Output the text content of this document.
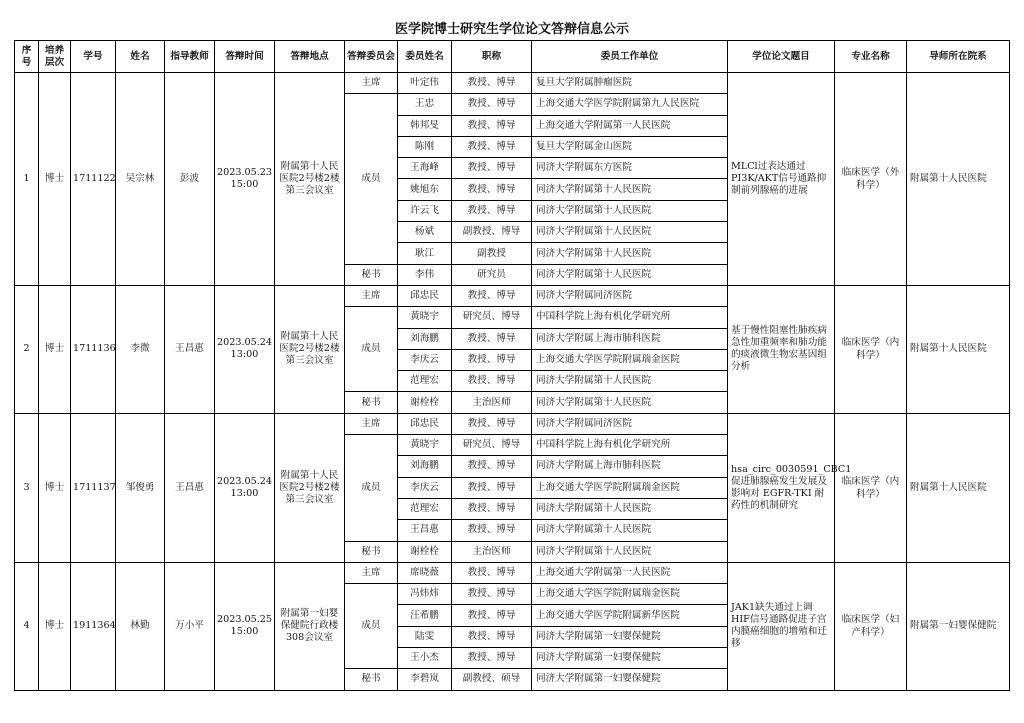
医学院博士研究生学位论文答辩信息公示
序号	培养层次	学号	姓名	指导教师	答辩时间	答辩地点	答辩委员会	委员姓名	职称	委员工作单位	学位论文题目	专业名称	导师所在院系
1	博士	1711122	吴宗林	彭波	2023.05.23 15:00	附属第十人民医院2号楼2楼第三会议室	主席	叶定伟	教授、博导	复旦大学附属肿瘤医院	MLCl过表达通过PI3K/AKT信号通路抑制前列腺癌的进展	临床医学（外科学）	附属第十人民医院
							成员	王忠	教授、博导	上海交通大学医学院附属第九人民医院			
								韩邦旻	教授、博导	上海交通大学附属第一人民医院			
								陈刚	教授、博导	复旦大学附属金山医院			
								王海峰	教授、博导	同济大学附属东方医院			
								姚旭东	教授、博导	同济大学附属第十人民医院			
								许云飞	教授、博导	同济大学附属第十人民医院			
								杨斌	副教授、博导	同济大学附属第十人民医院			
								耿江	副教授	同济大学附属第十人民医院			
							秘书	李伟	研究员	同济大学附属第十人民医院			
2	博士	1711136	李微	王昌惠	2023.05.24 13:00	附属第十人民医院2号楼2楼第三会议室	主席	邱忠民	教授、博导	同济大学附属同济医院	基于慢性阻塞性肺疾病急性加重频率和肺功能的痰液微生物宏基因组分析	临床医学（内科学）	附属第十人民医院
							成员	黄晓宇	研究员、博导	中国科学院上海有机化学研究所			
								刘海鹏	教授、博导	同济大学附属上海市肺科医院			
								李庆云	教授、博导	上海交通大学医学院附属瑞金医院			
								范理宏	教授、博导	同济大学附属第十人民医院			
							秘书	谢栓栓	主治医师	同济大学附属第十人民医院			
3	博士	1711137	邹俊勇	王昌惠	2023.05.24 13:00	附属第十人民医院2号楼2楼第三会议室	主席	邱忠民	教授、博导	同济大学附属同济医院	hsa_circ_0030591_CBC1 促进肺腺癌发生发展及 影响对 EGFR-TKI 耐药性的机制研究	临床医学（内科学）	附属第十人民医院
							成员	黄晓宇	研究员、博导	中国科学院上海有机化学研究所			
								刘海鹏	教授、博导	同济大学附属上海市肺科医院			
								李庆云	教授、博导	上海交通大学医学院附属瑞金医院			
								范理宏	教授、博导	同济大学附属第十人民医院			
								王昌惠	教授、博导	同济大学附属第十人民医院			
							秘书	谢栓栓	主治医师	同济大学附属第十人民医院			
4	博士	1911364	林勤	万小平	2023.05.25 15:00	附属第一妇婴保健院行政楼308会议室	主席	席晓薇	教授、博导	上海交通大学附属第一人民医院	JAK1缺失通过上调HIF信号通路促进子宫内膜癌细胞的增殖和迁移	临床医学（妇产科学）	附属第一妇婴保健院
							成员	冯炜炜	教授、博导	上海交通大学医学院附属瑞金医院			
								汪希鹏	教授、博导	上海交通大学医学院附属新华医院			
								陆雯	教授、博导	同济大学附属第一妇婴保健院			
								王小杰	教授、博导	同济大学附属第一妇婴保健院			
							秘书	李碧岚	副教授、硕导	同济大学附属第一妇婴保健院			
